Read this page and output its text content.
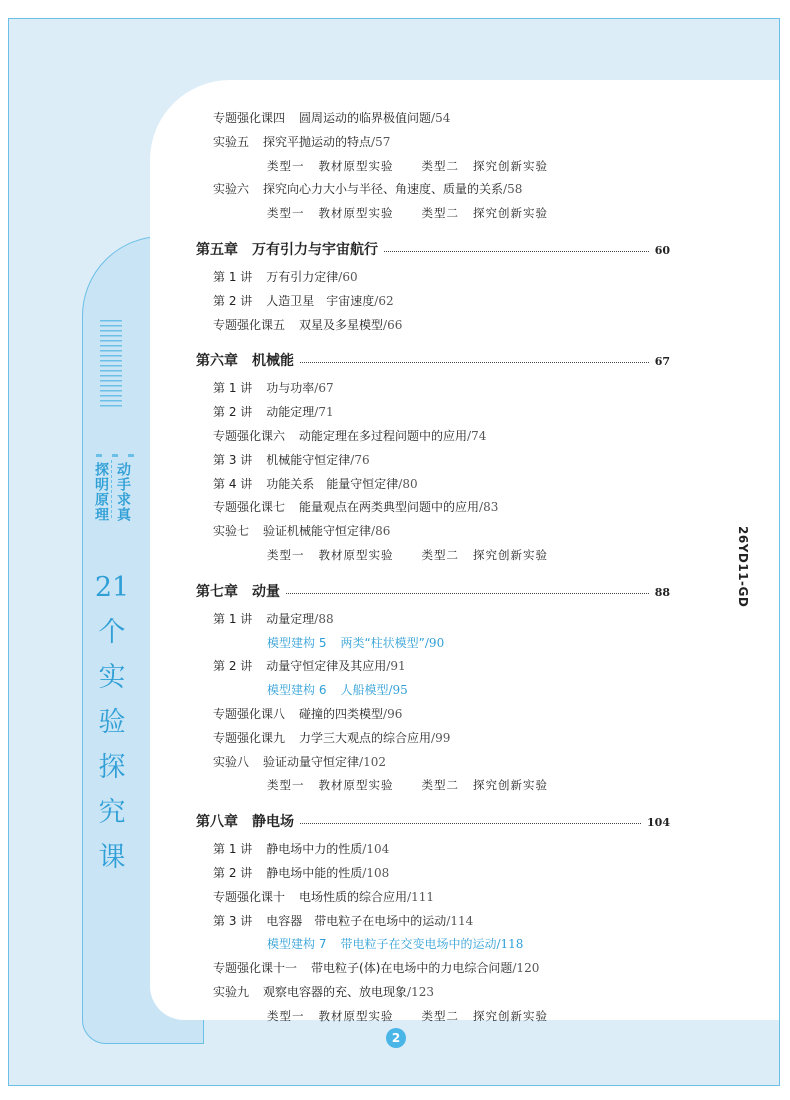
探明原理 动手求真
21
个
实
验
探
究
课
26YD11-GD
2
专题强化课四 圆周运动的临界极值问题/54
实验五 探究平抛运动的特点/57
类型一 教材原型实验 类型二 探究创新实验
实验六 探究向心力大小与半径、角速度、质量的关系/58
类型一 教材原型实验 类型二 探究创新实验
第五章 万有引力与宇宙航行	60
第 1 讲 万有引力定律/60
第 2 讲 人造卫星　宇宙速度/62
专题强化课五 双星及多星模型/66
第六章 机械能	67
第 1 讲 功与功率/67
第 2 讲 动能定理/71
专题强化课六 动能定理在多过程问题中的应用/74
第 3 讲 机械能守恒定律/76
第 4 讲 功能关系　能量守恒定律/80
专题强化课七 能量观点在两类典型问题中的应用/83
实验七 验证机械能守恒定律/86
类型一 教材原型实验 类型二 探究创新实验
第七章 动量	88
第 1 讲 动量定理/88
模型建构 5 两类“柱状模型”/90
第 2 讲 动量守恒定律及其应用/91
模型建构 6 人船模型/95
专题强化课八 碰撞的四类模型/96
专题强化课九 力学三大观点的综合应用/99
实验八 验证动量守恒定律/102
类型一 教材原型实验 类型二 探究创新实验
第八章 静电场	104
第 1 讲 静电场中力的性质/104
第 2 讲 静电场中能的性质/108
专题强化课十 电场性质的综合应用/111
第 3 讲 电容器　带电粒子在电场中的运动/114
模型建构 7 带电粒子在交变电场中的运动/118
专题强化课十一 带电粒子(体)在电场中的力电综合问题/120
实验九 观察电容器的充、放电现象/123
类型一 教材原型实验 类型二 探究创新实验
